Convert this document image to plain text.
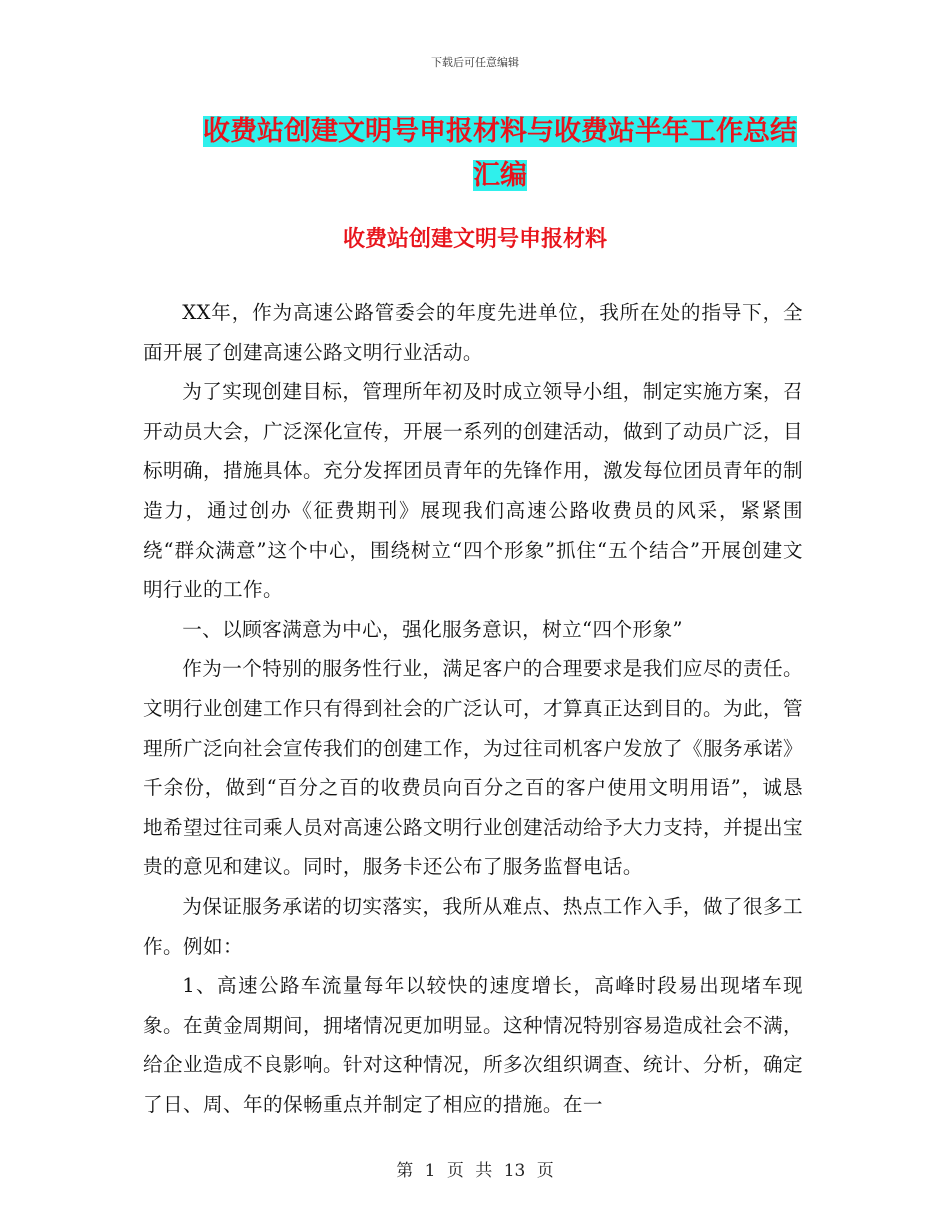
下载后可任意编辑
收费站创建文明号申报材料与收费站半年工作总结汇编
收费站创建文明号申报材料

XX年，作为高速公路管委会的年度先进单位，我所在处的指导下，全面开展了创建高速公路文明行业活动。

为了实现创建目标，管理所年初及时成立领导小组，制定实施方案，召开动员大会，广泛深化宣传，开展一系列的创建活动，做到了动员广泛，目标明确，措施具体。充分发挥团员青年的先锋作用，激发每位团员青年的制造力，通过创办《征费期刊》展现我们高速公路收费员的风采，紧紧围绕“群众满意”这个中心，围绕树立“四个形象”抓住“五个结合”开展创建文明行业的工作。

一、以顾客满意为中心，强化服务意识，树立“四个形象”

作为一个特别的服务性行业，满足客户的合理要求是我们应尽的责任。文明行业创建工作只有得到社会的广泛认可，才算真正达到目的。为此，管理所广泛向社会宣传我们的创建工作，为过往司机客户发放了《服务承诺》千余份，做到“百分之百的收费员向百分之百的客户使用文明用语”，诚恳地希望过往司乘人员对高速公路文明行业创建活动给予大力支持，并提出宝贵的意见和建议。同时，服务卡还公布了服务监督电话。

为保证服务承诺的切实落实，我所从难点、热点工作入手，做了很多工作。例如：

1、高速公路车流量每年以较快的速度增长，高峰时段易出现堵车现象。在黄金周期间，拥堵情况更加明显。这种情况特别容易造成社会不满，给企业造成不良影响。针对这种情况，所多次组织调查、统计、分析，确定了日、周、年的保畅重点并制定了相应的措施。在一

第 1 页 共 13 页
